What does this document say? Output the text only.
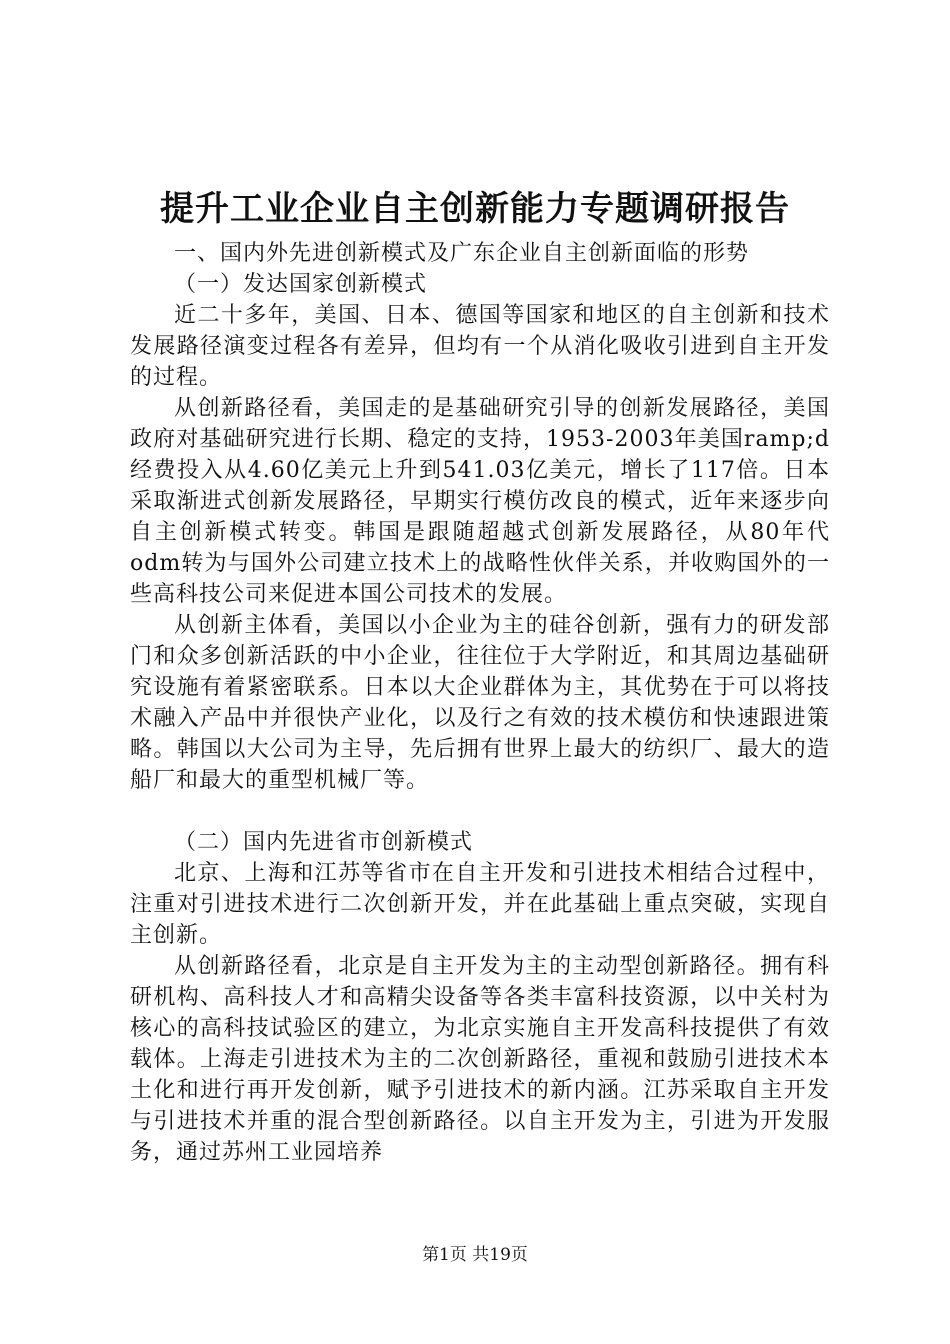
提升工业企业自主创新能力专题调研报告

一、国内外先进创新模式及广东企业自主创新面临的形势

（一）发达国家创新模式

近二十多年，美国、日本、德国等国家和地区的自主创新和技术发展路径演变过程各有差异，但均有一个从消化吸收引进到自主开发的过程。

从创新路径看，美国走的是基础研究引导的创新发展路径，美国政府对基础研究进行长期、稳定的支持，1953-2003年美国ramp;d经费投入从4.60亿美元上升到541.03亿美元，增长了117倍。日本采取渐进式创新发展路径，早期实行模仿改良的模式，近年来逐步向自主创新模式转变。韩国是跟随超越式创新发展路径，从80年代odm转为与国外公司建立技术上的战略性伙伴关系，并收购国外的一些高科技公司来促进本国公司技术的发展。

从创新主体看，美国以小企业为主的硅谷创新，强有力的研发部门和众多创新活跃的中小企业，往往位于大学附近，和其周边基础研究设施有着紧密联系。日本以大企业群体为主，其优势在于可以将技术融入产品中并很快产业化，以及行之有效的技术模仿和快速跟进策略。韩国以大公司为主导，先后拥有世界上最大的纺织厂、最大的造船厂和最大的重型机械厂等。

（二）国内先进省市创新模式

北京、上海和江苏等省市在自主开发和引进技术相结合过程中，注重对引进技术进行二次创新开发，并在此基础上重点突破，实现自主创新。

从创新路径看，北京是自主开发为主的主动型创新路径。拥有科研机构、高科技人才和高精尖设备等各类丰富科技资源，以中关村为核心的高科技试验区的建立，为北京实施自主开发高科技提供了有效载体。上海走引进技术为主的二次创新路径，重视和鼓励引进技术本土化和进行再开发创新，赋予引进技术的新内涵。江苏采取自主开发与引进技术并重的混合型创新路径。以自主开发为主，引进为开发服务，通过苏州工业园培养

第1页 共19页
